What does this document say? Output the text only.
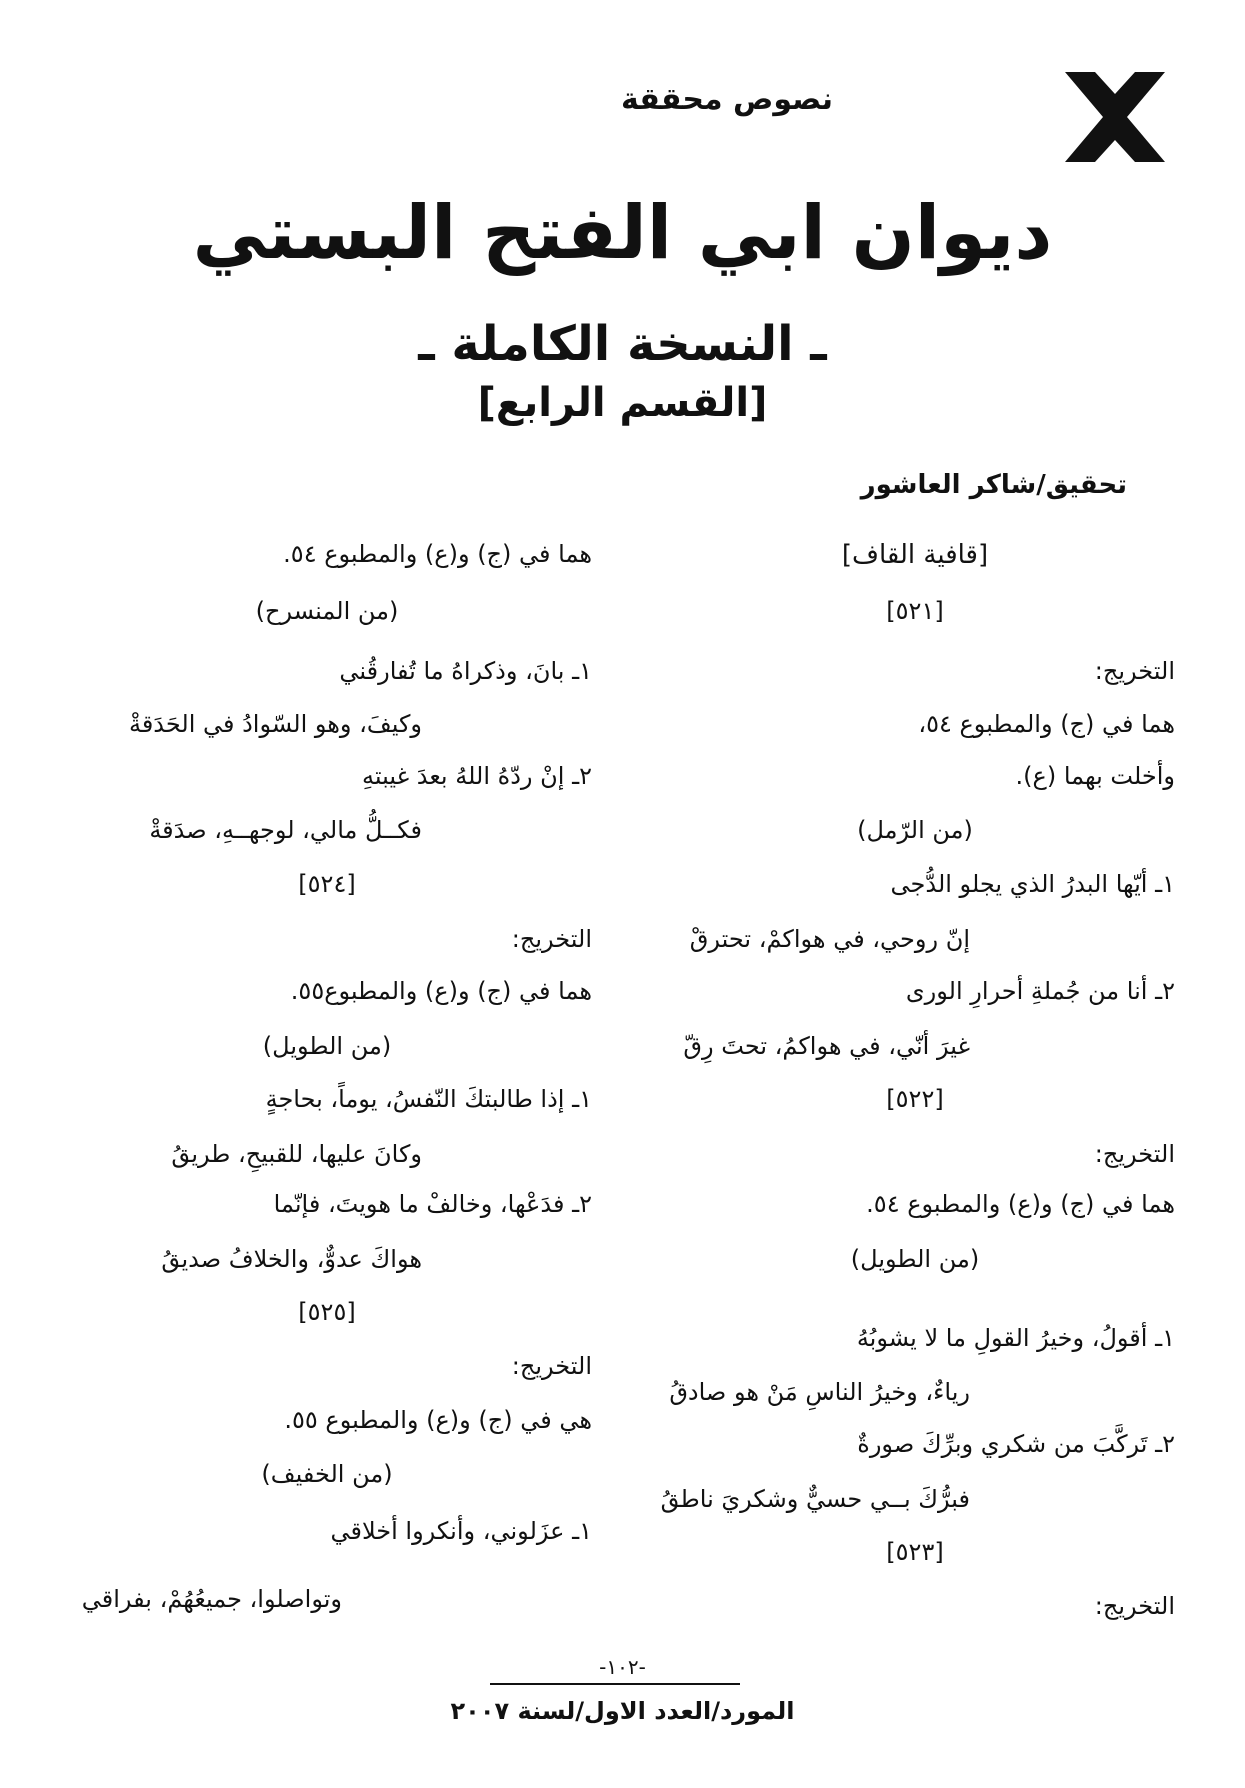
نصوص محققة
ديوان ابي الفتح البستي
ـ النسخة الكاملة ـ
[القسم الرابع]
تحقيق/شاكر العاشور
[قافية القاف]
[٥٢١]
التخريج:
هما في (ج) والمطبوع ٥٤،
وأخلت بهما (ع).
(من الرّمل)
١ـ أيّها البدرُ الذي يجلو الدُّجى
إنّ روحي، في هواكمْ، تحترقْ
٢ـ أنا من جُملةِ أحرارِ الورى
غيرَ أنّي، في هواكمُ، تحتَ رِقّ
[٥٢٢]
التخريج:
هما في (ج) و(ع) والمطبوع ٥٤.
(من الطويل)
١ـ أقولُ، وخيرُ القولِ ما لا يشوبُهُ
رياءٌ، وخيرُ الناسِ مَنْ هو صادقُ
٢ـ تَركَّبَ من شكري وبرِّكَ صورةٌ
فبرُّكَ بــي حسيٌّ وشكريَ ناطقُ
[٥٢٣]
التخريج:
هما في (ج) و(ع) والمطبوع ٥٤.
(من المنسرح)
١ـ بانَ، وذكراهُ ما تُفارقُني
وكيفَ، وهو السّوادُ في الحَدَقةْ
٢ـ إنْ ردّهُ اللهُ بعدَ غيبتهِ
فكــلُّ مالي، لوجهــهِ، صدَقةْ
[٥٢٤]
التخريج:
هما في (ج) و(ع) والمطبوع٥٥.
(من الطويل)
١ـ إذا طالبتكَ النّفسُ، يوماً، بحاجةٍ
وكانَ عليها، للقبيحِ، طريقُ
٢ـ فدَعْها، وخالفْ ما هويتَ، فإنّما
هواكَ عدوٌّ، والخلافُ صديقُ
[٥٢٥]
التخريج:
هي في (ج) و(ع) والمطبوع ٥٥.
(من الخفيف)
١ـ عزَلوني، وأنكروا أخلاقي
وتواصلوا، جميعُهُمْ، بفراقي
-١٠٢-
المورد/العدد الاول/لسنة ٢٠٠٧
